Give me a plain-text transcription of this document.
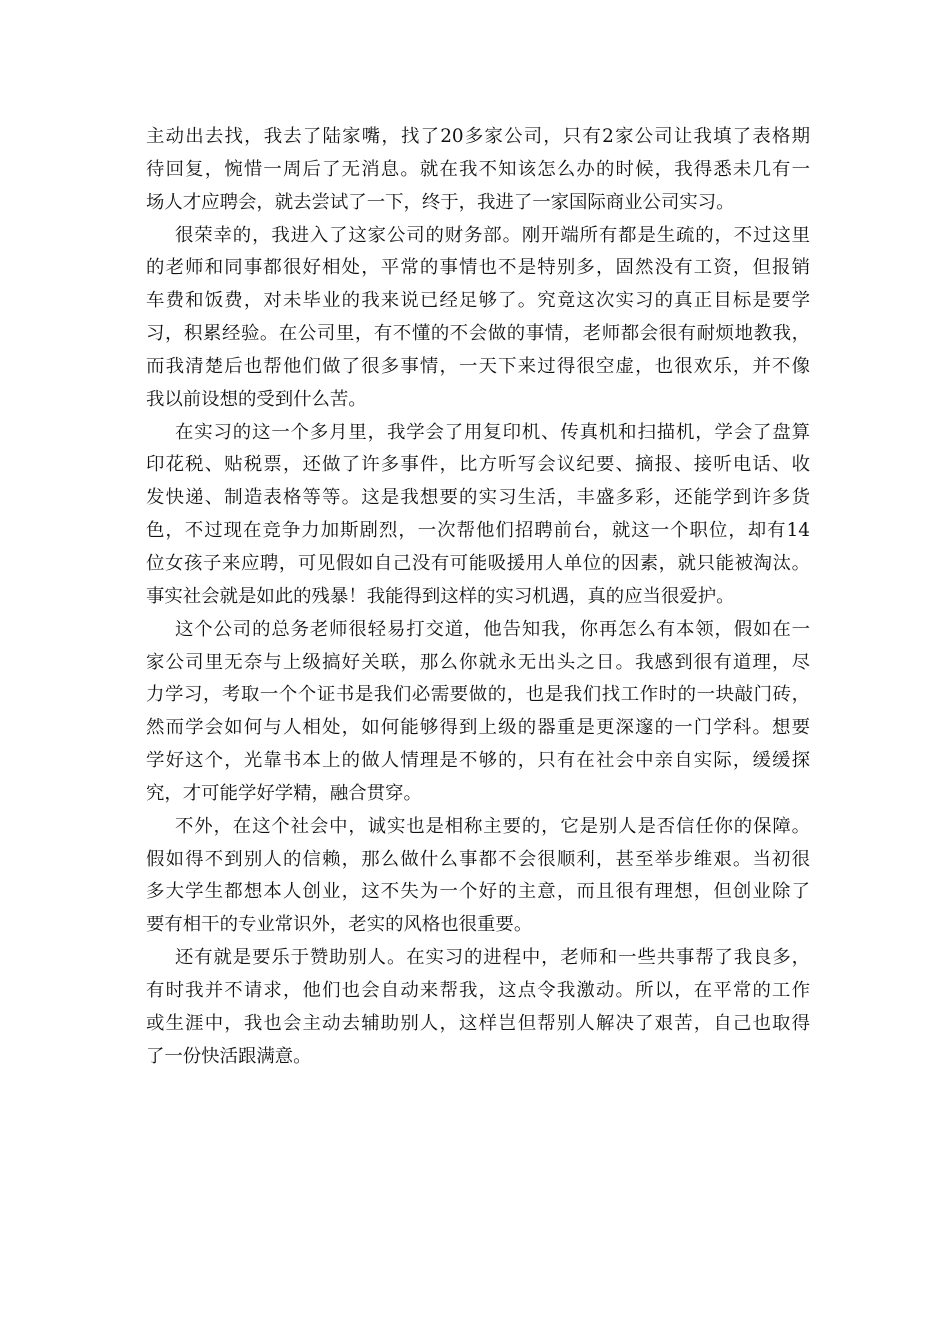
主动出去找，我去了陆家嘴，找了20多家公司，只有2家公司让我填了表格期
待回复，惋惜一周后了无消息。就在我不知该怎么办的时候，我得悉未几有一
场人才应聘会，就去尝试了一下，终于，我进了一家国际商业公司实习。
很荣幸的，我进入了这家公司的财务部。刚开端所有都是生疏的，不过这里
的老师和同事都很好相处，平常的事情也不是特别多，固然没有工资，但报销
车费和饭费，对未毕业的我来说已经足够了。究竟这次实习的真正目标是要学
习，积累经验。在公司里，有不懂的不会做的事情，老师都会很有耐烦地教我，
而我清楚后也帮他们做了很多事情，一天下来过得很空虚，也很欢乐，并不像
我以前设想的受到什么苦。
在实习的这一个多月里，我学会了用复印机、传真机和扫描机，学会了盘算
印花税、贴税票，还做了许多事件，比方听写会议纪要、摘报、接听电话、收
发快递、制造表格等等。这是我想要的实习生活，丰盛多彩，还能学到许多货
色，不过现在竞争力加斯剧烈，一次帮他们招聘前台，就这一个职位，却有14
位女孩子来应聘，可见假如自己没有可能吸援用人单位的因素，就只能被淘汰。
事实社会就是如此的残暴！我能得到这样的实习机遇，真的应当很爱护。
这个公司的总务老师很轻易打交道，他告知我，你再怎么有本领，假如在一
家公司里无奈与上级搞好关联，那么你就永无出头之日。我感到很有道理，尽
力学习，考取一个个证书是我们必需要做的，也是我们找工作时的一块敲门砖，
然而学会如何与人相处，如何能够得到上级的器重是更深邃的一门学科。想要
学好这个，光靠书本上的做人情理是不够的，只有在社会中亲自实际，缓缓探
究，才可能学好学精，融合贯穿。
不外，在这个社会中，诚实也是相称主要的，它是别人是否信任你的保障。
假如得不到别人的信赖，那么做什么事都不会很顺利，甚至举步维艰。当初很
多大学生都想本人创业，这不失为一个好的主意，而且很有理想，但创业除了
要有相干的专业常识外，老实的风格也很重要。
还有就是要乐于赞助别人。在实习的进程中，老师和一些共事帮了我良多，
有时我并不请求，他们也会自动来帮我，这点令我激动。所以，在平常的工作
或生涯中，我也会主动去辅助别人，这样岂但帮别人解决了艰苦，自己也取得
了一份快活跟满意。
